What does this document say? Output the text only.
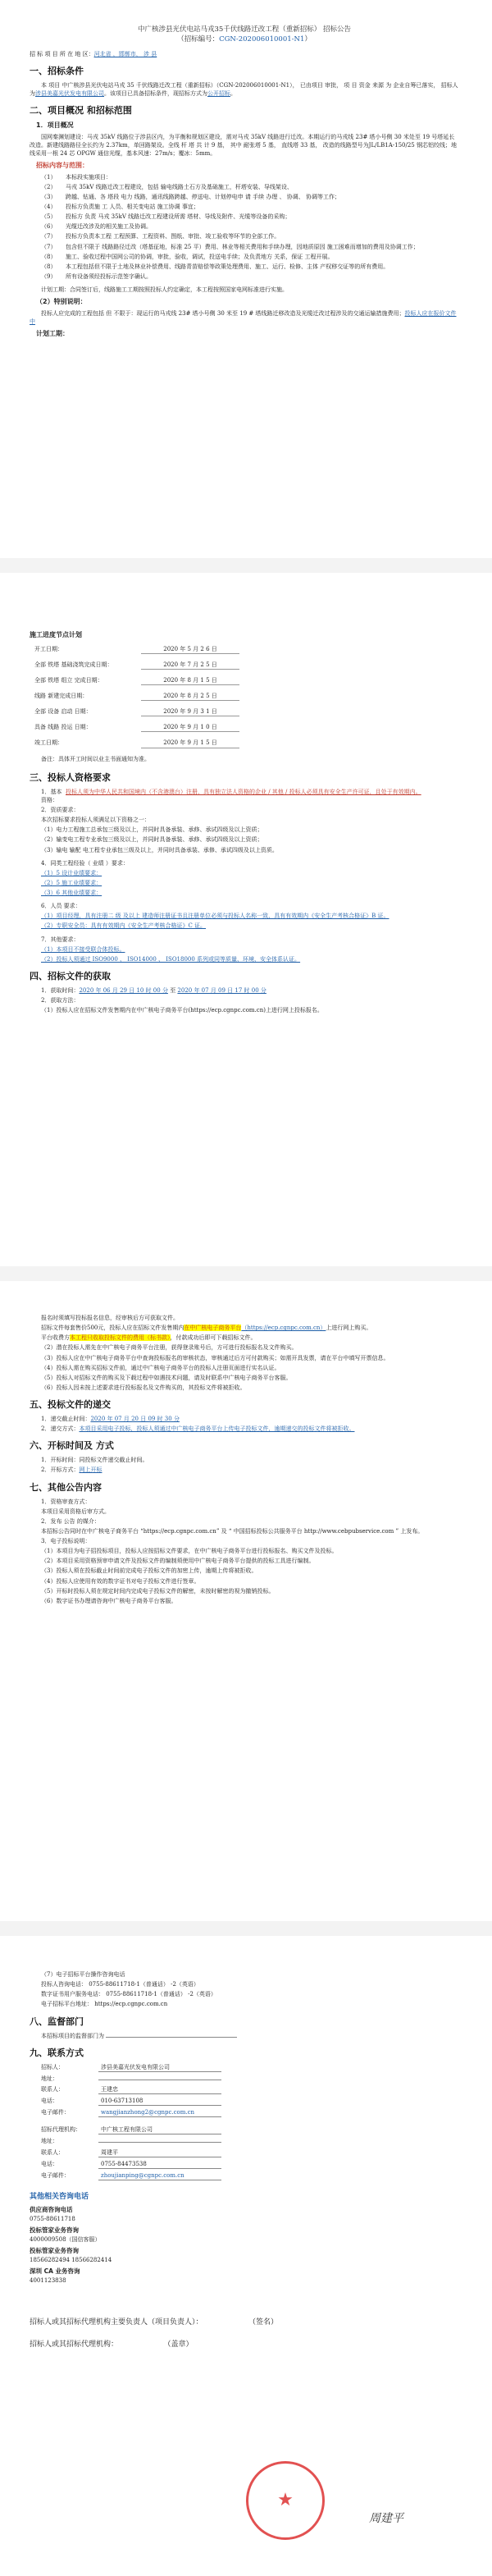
中广核涉县光伏电站马戎35千伏线路迁改工程（重新招标） 招标公告
（招标编号：CGN-202006010001-N1）
招 标 项 目 所 在 地 区：河北省 ，邯郸市， 涉 县
一、招标条件
本 项目 中广核涉县光伏电站马戎 35 千伏线路迁改工程（重新招标）（CGN-202006010001-N1）， 已由项目 审批， 项 目 资金 来源 为 企业自筹已落实， 招标人为涉县美嘉光伏发电有限公司。该项目已具备招标条件，现招标方式为公开招标。
二、项目概况 和招标范围
1．项目概况
国网秦渊划建设：马戎 35kV 线路位于涉县区内，为平衡和规划区建设，需对马戎 35kV 线路进行迁改。本期运行的马戎线 23# 塔小号侧 30 米处至 19 号塔延长改造。新建线路路径全长约为 2.37km，单回路架设。全线 杆 塔 共 计 9 基， 其中 耐张塔 5 基， 直线塔 33 基， 改造的线路型号为JL/LB1A-150/25 钢芯铝绞线；地线采用一根 24 芯 OPGW 通信光缆，基本风速：27m/s；覆冰：5mm。
招标内容与范围：
（1）	本标段实施项目：
（2）	马戎 35kV 线路迁改工程建设，包括 输电线路土石方及基础施工，杆塔安装、导线架设、
（3）	跨越、钻通、各 塔段 电力 线路，通讯线路跨越、停送电、计划停电申 请 手续 办理 、 协调、 协调等工作；
（4）	投标方负责施 工 人员、相关变电站 施工协调 事宜；
（5）	投标方 负责 马戎 35kV 线路迁改工程建设所需 塔材、导线及附件、光缆等设备的采购；
（6）	光缆迁改涉及的相关施工及协调。
（7）	投标方负责本工程 工程预算、工程资料、图纸、审批、竣工验收等环节的全部工作。
（7）	包含但不限于 线路路径迁改（塔基征地，标准 25 平）费用、林业等相关费用和手续办理，因地质原因 施工困难而增加的费用及协调工作；
（8）	施工、验收过程中国网公司的协调，审批，验收，调试，投送电手续；及负责地方 关系，保证 工程开展。
（8）	本工程包括但不限于土地及林业补偿费用、线路青苗赔偿等政策处理费用、施工、运行、检修、主体 产权移交证等的所有费用。
（9）	所有设备须经投标示范签字确认。
计划工期：合同签订后，线路施工工期按照投标人约定确定，本工程按照国家电网标准进行实施。
（2）特别说明：
投标人应完成的工程包括 但 不限于：现运行的马戎线 23# 塔小号侧 30 米至 19 # 塔线路迁移改造及光缆迁改过程涉及的交通运输措施费用；投标人应在报价文件中
计划工期：
施工进度节点计划
开工日期：	2020 年 5 月 2 6 日
全部 铁塔 基础浇筑完成日期：	2020 年 7 月 2 5 日
全部 铁塔 组立 完成日期：	2020 年 8 月 1 5 日
线路 新建完成日期：	2020 年 8 月 2 5 日
全部 设备 启动 日期：	2020 年 9 月 3 1 日
具备 线路 投运 日期：	2020 年 9 月 1 0 日
竣工日期：	2020 年 9 月 1 5 日
备注：具体开工时间以业主书面通知为准。
三、投标人资格要求
1．基本资格：
投标人须为中华人民共和国境内（不含港澳台）注册，具有独立法人资格的企业 / 其他 / 投标人必须具有安全生产许可证，且处于有效期内。
2．资质要求：
本次招标要求投标人须满足以下资格之一：
（1）电力工程施工总承包三级及以上，并同时具备承装、承修、承试四级及以上资质；
（2）输变电工程专业承包三级及以上，并同时具备承装、承修、承试四级及以上资质；
（3）输电 输配 电工程专业承包三级及以上，并同时具备承装、承修、承试四级及以上资质。
4．同类工程经验（ 业绩 ）要求：
（1）5 设计业绩要求：
（2）5 施工业绩要求：
（3）6 其他业绩要求：
6．人员 要求：
（1）项目经理，具有注册二 级 及以上 建造师注册证书且注册单位必须与投标人名称一致，具有有效期内《安全生产考核合格证》B 证。
（2）专职安全员：具有有效期内《安全生产考核合格证》C 证。
7．其他要求：
（1）本项目不接受联合体投标。
（2）投标人须通过 ISO9000 、 ISO14000 、 ISO18000 系列或同等质量、环境、安全体系认证。
四、招标文件的获取
1．获取时间：2020 年 06 月 29 日 10 时 00 分 至 2020 年 07 月 09 日 17 时 00 分
2．获取方法：
（1）投标人应在招标文件发售期内在中广核电子商务平台(https://ecp.cgnpc.com.cn)上进行网上投标报名。
报名时须填写投标报名信息，经审核后方可获取文件。
招标文件每套售价500元，投标人应在招标文件发售期内在中广核电子商务平台（https://ecp.cgnpc.com.cn）上进行网上购买。
平台收费方本工程只收取投标文件的费用（标书款），付款成功后即可下载招标文件。
（2）潜在投标人需先在中广核电子商务平台注册，获得登录账号后，方可进行投标报名及文件购买。
（3）投标人应在中广核电子商务平台中查询投标报名的审核状态，审核通过后方可付款购买；如需开具发票，请在平台中填写开票信息。
（4）投标人需在购买招标文件前，通过中广核电子商务平台的投标人注册页面进行实名认证。
（5）投标人对招标文件的购买及下载过程中如遇技术问题，请及时联系中广核电子商务平台客服。
（6）投标人因未按上述要求进行投标报名及文件购买的，其投标文件将被拒收。
五、投标文件的递交
1．递交截止时间：2020 年 07 月 20 日 09 时 30 分
2．递交方式：本项目采用电子投标，投标人须通过中广核电子商务平台上传电子投标文件，逾期递交的投标文件将被拒收。
六、开标时间及 方式
1．开标时间：同投标文件递交截止时间。
2．开标方式：网上开标
七、其他公告内容
1．资格审查方式：
本项目采用资格后审方式。
2．发布 公告 的媒介：
本招标公告同时在中广核电子商务平台 “https://ecp.cgnpc.com.cn” 及 “ 中国招标投标公共服务平台 http://www.cebpubservice.com ” 上发布。
3．电子投标说明：
（1）本项目为电子招投标项目，投标人应按招标文件要求，在中广核电子商务平台进行投标报名、购买文件及投标。
（2）本项目采用资格预审申请文件及投标文件的编制须使用中广核电子商务平台提供的投标工具进行编制。
（3）投标人须在投标截止时间前完成电子投标文件的加密上传，逾期上传将被拒收。
（4）投标人应使用有效的数字证书对电子投标文件进行签章。
（5）开标时投标人须在规定时间内完成电子投标文件的解密，未按时解密的视为撤销投标。
（6）数字证书办理请咨询中广核电子商务平台客服。
（7）电子招标平台操作咨询电话
投标人咨询电话： 0755-88611718-1（普通话） -2（英语）
数字证书用户服务电话： 0755-88611718-1（普通话） -2（英语）
电子招标平台地址： https://ecp.cgnpc.com.cn
八、监督部门
本招标项目的监督部门为
九、联系方式
招标人：	涉县美嘉光伏发电有限公司
地址：
联系人：	王建忠
电话：	010-63713108
电子邮件：	wangjianzhong2@cgnpc.com.cn
招标代理机构：	中广核工程有限公司
地址：
联系人：	周建平
电话：	0755-84473538
电子邮件：	zhoujianping@cgnpc.com.cn
其他相关咨询电话
供应商咨询电话
0755-88611718
投标管家业务咨询
4000009508（国信客服）
投标管家业务咨询
18566282494 18566282414
深圳 CA 业务咨询
4001123838
招标人或其招标代理机构主要负责人（项目负责人）：	（签名）
招标人或其招标代理机构：	（盖章）
★
周建平
